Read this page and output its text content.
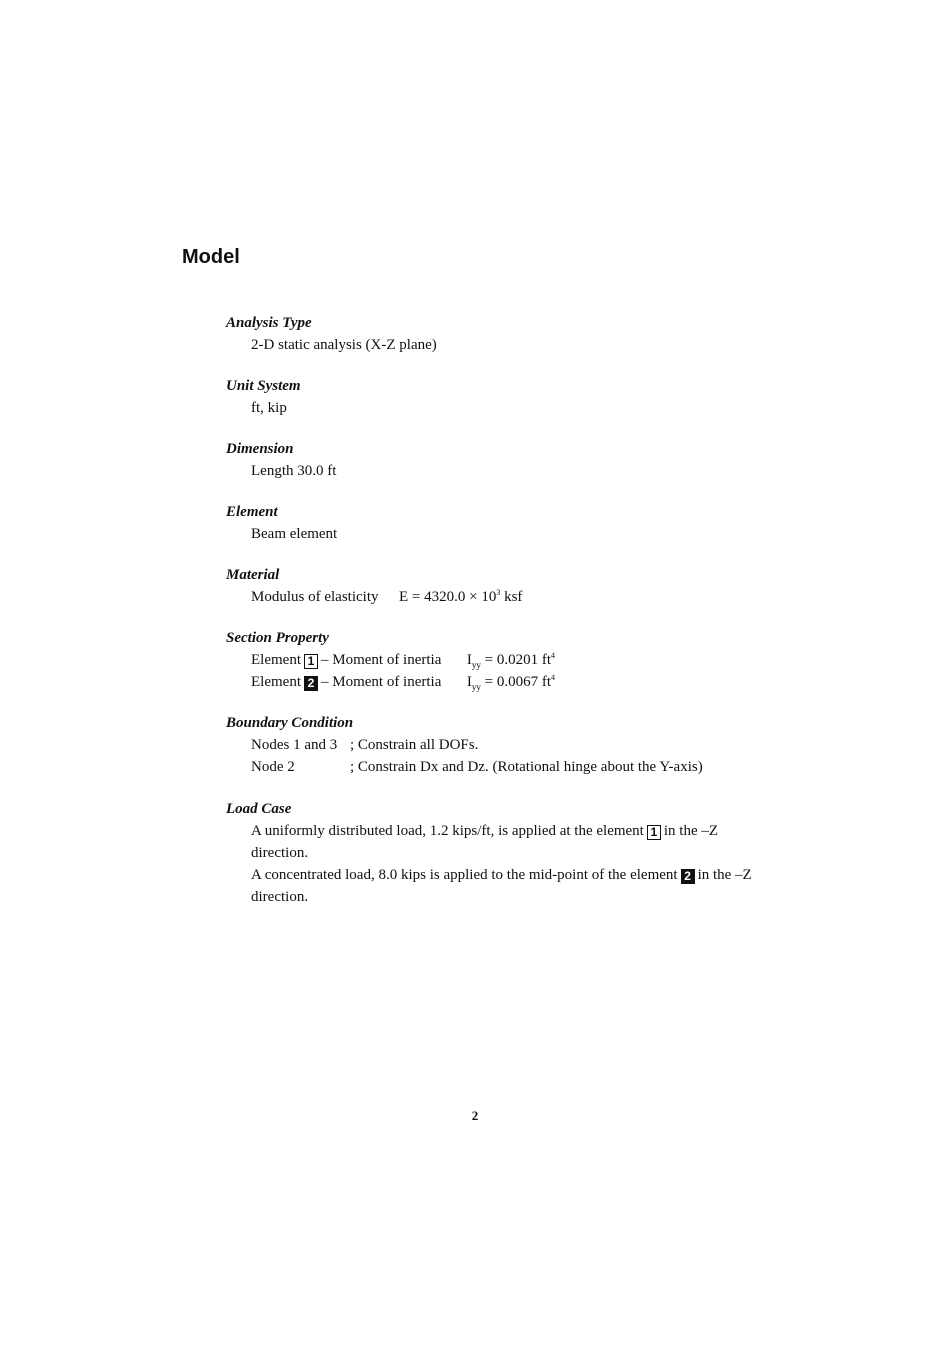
Model
Analysis Type
2-D static analysis (X-Z plane)
Unit System
ft, kip
Dimension
Length 30.0 ft
Element
Beam element
Material
Modulus of elasticity $E = 4320.0 \times 10^3$ ksf
Section Property
Element 1 – Moment of inertia $I_{yy} = 0.0201$ $ft^4$
Element 2 – Moment of inertia $I_{yy} = 0.0067$ $ft^4$
Boundary Condition
Nodes 1 and 3 ; Constrain all DOFs.
Node 2	; Constrain Dx and Dz. (Rotational hinge about the Y-axis)
Load Case
A uniformly distributed load, 1.2 kips/ft, is applied at the element 1 in the –Z
direction.
A concentrated load, 8.0 kips is applied to the mid-point of the element 2 in the –Z
direction.
2
